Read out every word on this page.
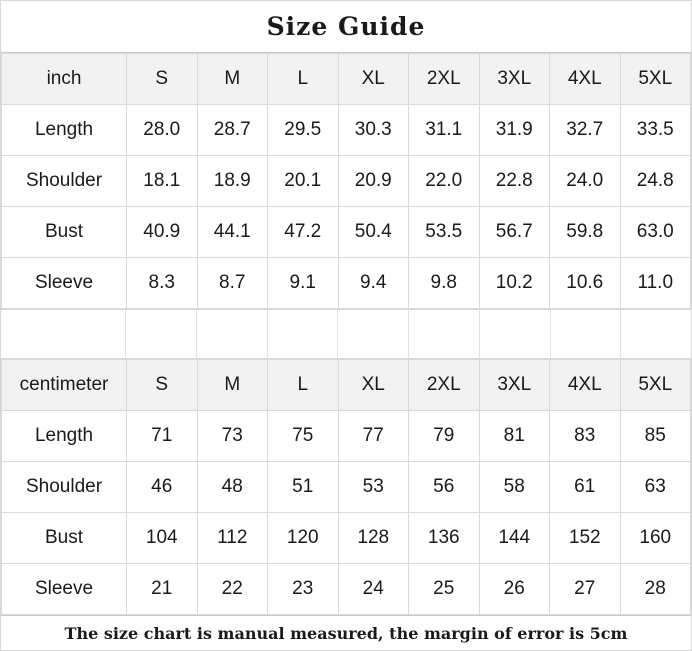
Size Guide
inch	S	M	L	XL	2XL	3XL	4XL	5XL
Length	28.0	28.7	29.5	30.3	31.1	31.9	32.7	33.5
Shoulder	18.1	18.9	20.1	20.9	22.0	22.8	24.0	24.8
Bust	40.9	44.1	47.2	50.4	53.5	56.7	59.8	63.0
Sleeve	8.3	8.7	9.1	9.4	9.8	10.2	10.6	11.0
centimeter	S	M	L	XL	2XL	3XL	4XL	5XL
Length	71	73	75	77	79	81	83	85
Shoulder	46	48	51	53	56	58	61	63
Bust	104	112	120	128	136	144	152	160
Sleeve	21	22	23	24	25	26	27	28
The size chart is manual measured, the margin of error is 5cm
